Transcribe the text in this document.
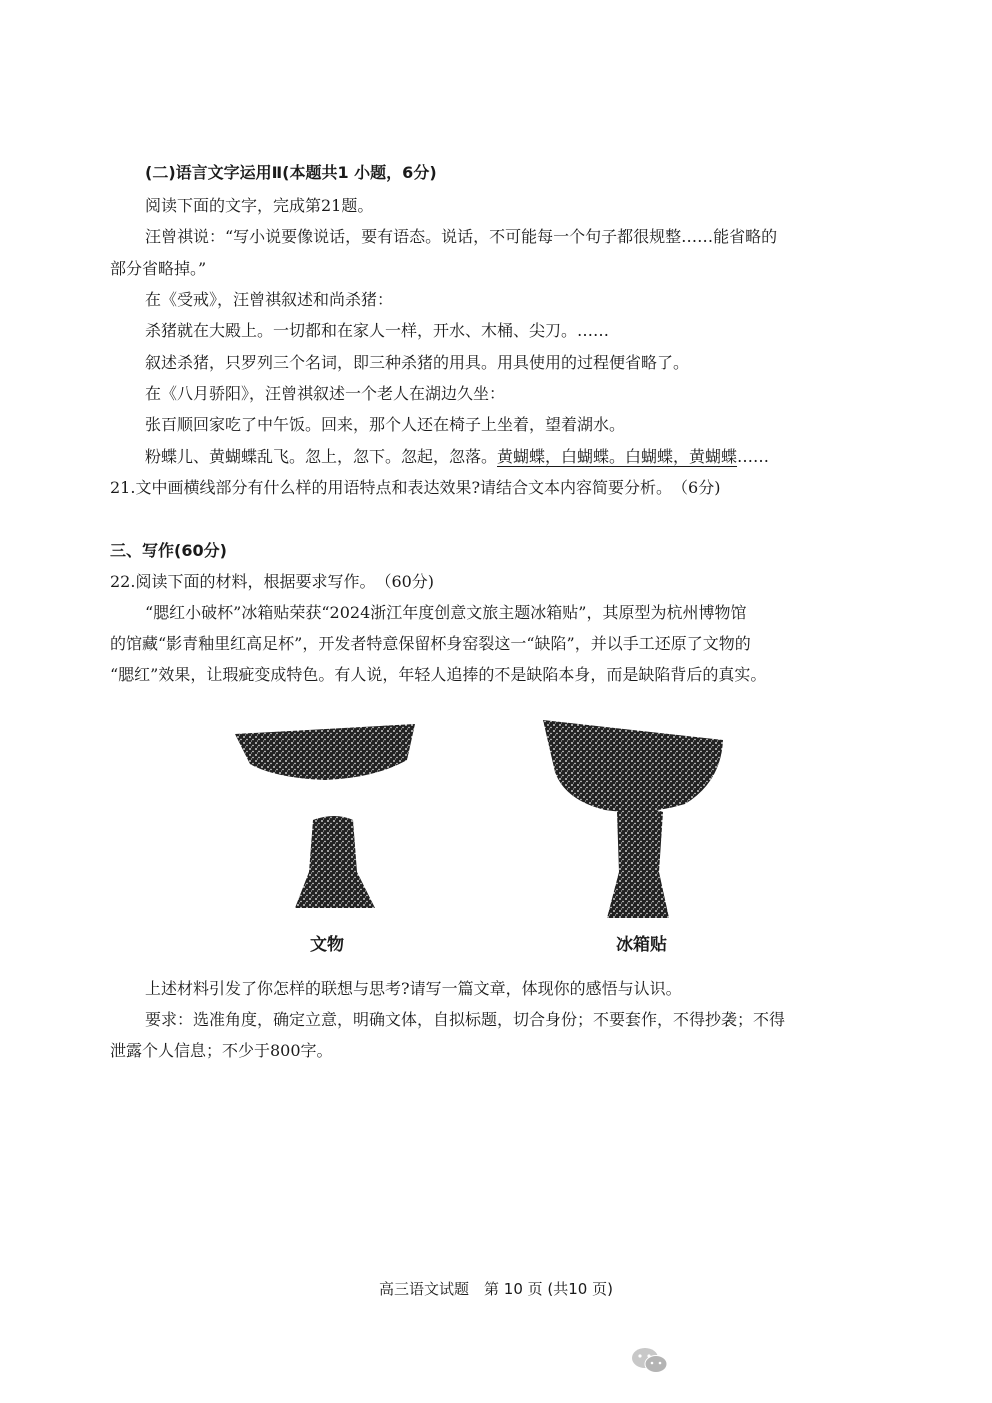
(二)语言文字运用Ⅱ(本题共1 小题，6分)
阅读下面的文字，完成第21题。
汪曾祺说：“写小说要像说话，要有语态。说话，不可能每一个句子都很规整……能省略的
部分省略掉。”
在《受戒》，汪曾祺叙述和尚杀猪：
杀猪就在大殿上。一切都和在家人一样，开水、木桶、尖刀。……
叙述杀猪，只罗列三个名词，即三种杀猪的用具。用具使用的过程便省略了。
在《八月骄阳》，汪曾祺叙述一个老人在湖边久坐：
张百顺回家吃了中午饭。回来，那个人还在椅子上坐着，望着湖水。
粉蝶儿、黄蝴蝶乱飞。忽上，忽下。忽起，忽落。黄蝴蝶，白蝴蝶。白蝴蝶，黄蝴蝶……
21.文中画横线部分有什么样的用语特点和表达效果?请结合文本内容简要分析。　（6分)
三、写作(60分)
22.阅读下面的材料，根据要求写作。　（60分)
“腮红小破杯”冰箱贴荣获“2024浙江年度创意文旅主题冰箱贴”，其原型为杭州博物馆
的馆藏“影青釉里红高足杯”，开发者特意保留杯身窑裂这一“缺陷”，并以手工还原了文物的
“腮红”效果，让瑕疵变成特色。有人说，年轻人追捧的不是缺陷本身，而是缺陷背后的真实。
文物	冰箱贴
上述材料引发了你怎样的联想与思考?请写一篇文章，体现你的感悟与认识。
要求：选准角度，确定立意，明确文体，自拟标题，切合身份；不要套作，不得抄袭；不得
泄露个人信息；不少于800字。
高三语文试题　第 10 页 (共10 页)
